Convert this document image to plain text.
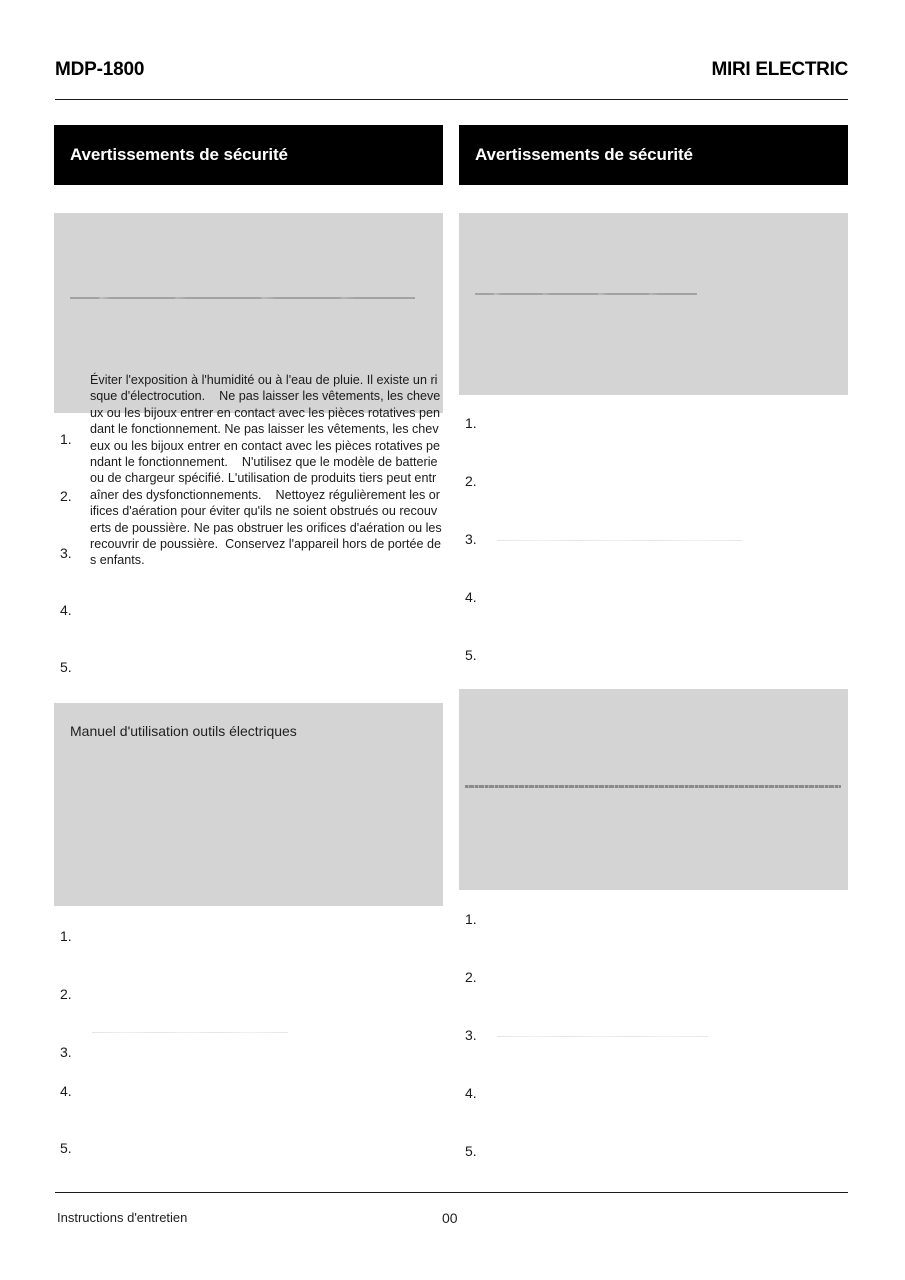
MDP-1800	MIRI ELECTRIC
Avertissements de sécurité
1.
2.
3.
4.
5.
Manuel d'utilisation outils électriques
1.
2.
3.
4.
5.
Avertissements de sécurité
1.
2.
3.
4.
5.
1.
2.
3.
4.
5.
Éviter l'exposition à l'humidité ou à l'eau de pluie. Il existe un risque d'électrocution.    Ne pas laisser les vêtements, les cheveux ou les bijoux entrer en contact avec les pièces rotatives pendant le fonctionnement. Ne pas laisser les vêtements, les cheveux ou les bijoux entrer en contact avec les pièces rotatives pendant le fonctionnement.    N'utilisez que le modèle de batterie ou de chargeur spécifié. L'utilisation de produits tiers peut entraîner des dysfonctionnements.    Nettoyez régulièrement les orifices d'aération pour éviter qu'ils ne soient obstrués ou recouverts de poussière. Ne pas obstruer les orifices d'aération ou les recouvrir de poussière.  Conservez l'appareil hors de portée des enfants.
Instructions d'entretien	00
